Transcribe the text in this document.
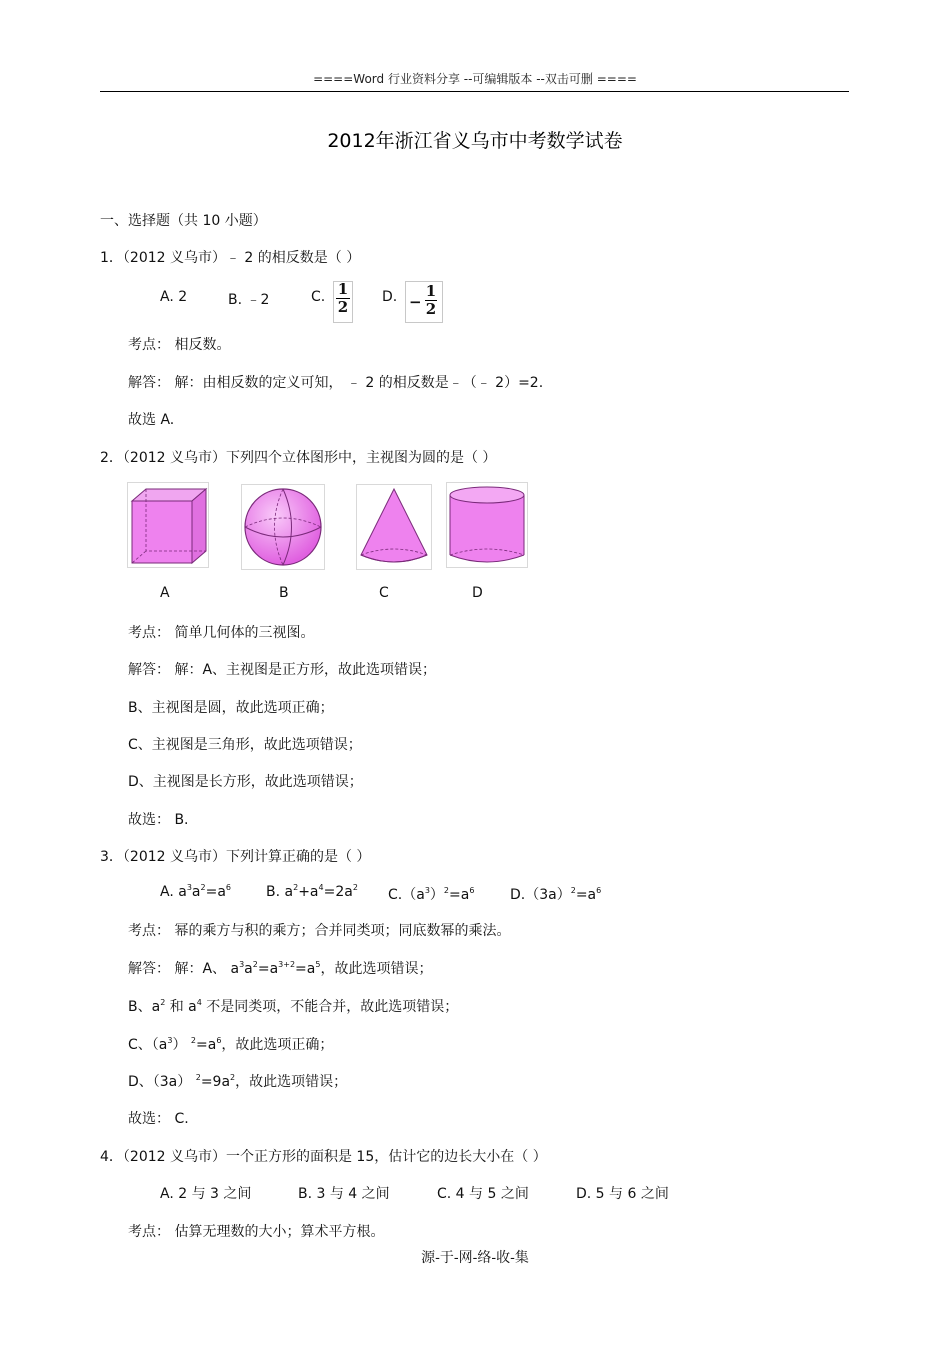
====Word 行业资料分享 --可编辑版本 --双击可删 ====
2012年浙江省义乌市中考数学试卷
一、选择题（共 10 小题）
1．（2012 义乌市）﹣ 2 的相反数是（ ）
A. 2	B. ﹣2	C. 1
2
D. −
1
2
考点： 相反数。
解答： 解：由相反数的定义可知， ﹣ 2 的相反数是﹣（﹣ 2）=2.
故选 A.
2．（2012 义乌市）下列四个立体图形中，主视图为圆的是（ ）
A	B	C	D
考点： 简单几何体的三视图。
解答： 解：A、主视图是正方形，故此选项错误；
B、主视图是圆，故此选项正确；
C、主视图是三角形，故此选项错误；
D、主视图是长方形，故此选项错误；
故选： B.
3．（2012 义乌市）下列计算正确的是（ ）
A. $a^3a^2=a^6$	B. $a^2+a^4=2a^2$ $C.(a^3)^2=a^6$	$D.(3a)^2=a^6$
考点： 幂的乘方与积的乘方；合并同类项；同底数幂的乘法。
解答： 解：A、 $a^3a^2=a^{3+2}=a^5$，故此选项错误；
B、$a^2$ 和 $a^4$ 不是同类项，不能合并，故此选项错误；
C、$(a^3)$ $^2=a^6$，故此选项正确；
D、（3a） $^2=9a^2$，故此选项错误；
故选： C.
4．（2012 义乌市）一个正方形的面积是 15，估计它的边长大小在（ ）
A. 2 与 3 之间	B. 3 与 4 之间	C. 4 与 5 之间	D. 5 与 6 之间
考点： 估算无理数的大小；算术平方根。
源-于-网-络-收-集
